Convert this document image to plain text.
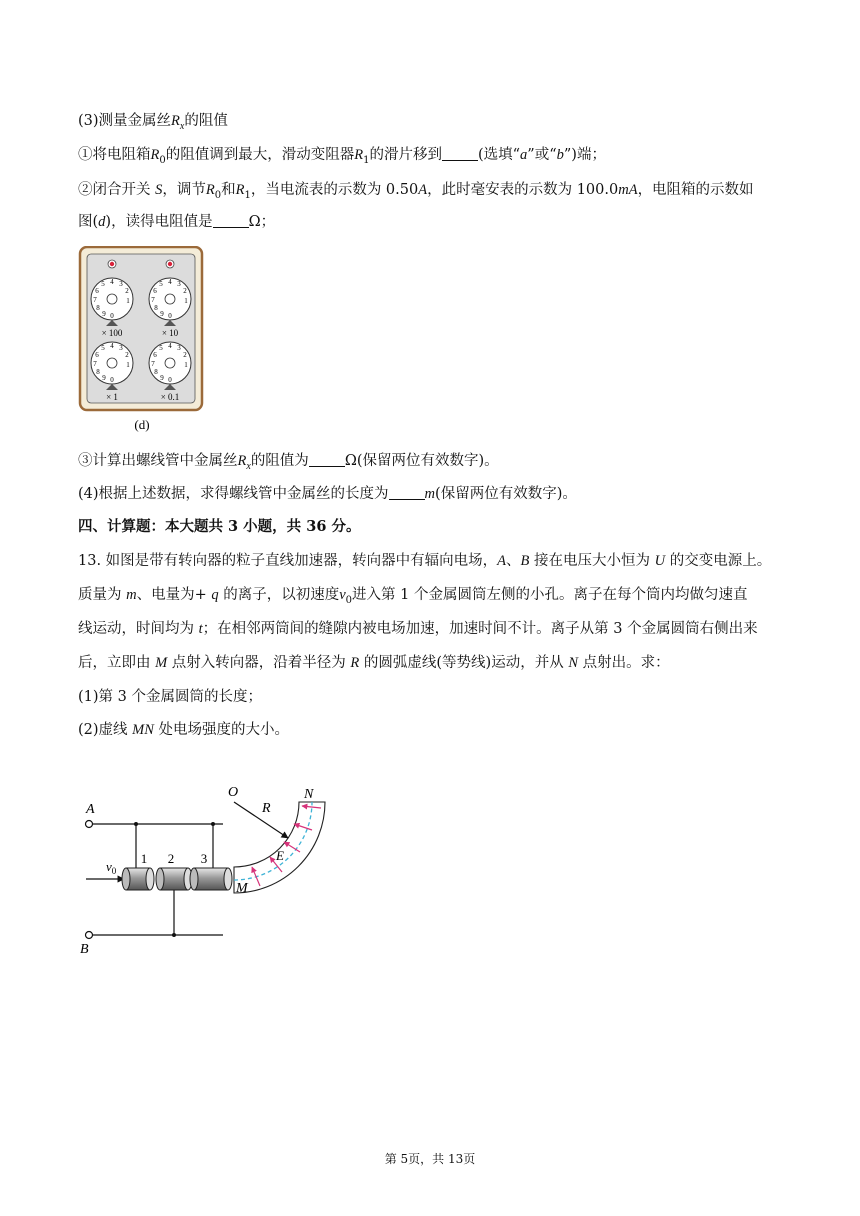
(3)测量金属丝$R_x$的阻值
①将电阻箱$R_0$的阻值调到最大，滑动变阻器$R_1$的滑片移到 (选填“a”或“b”)端；
②闭合开关 S，调节$R_0$和$R_1$，当电流表的示数为 0.50A，此时毫安表的示数为 100.0mA，电阻箱的示数如
图(d)，读得电阻值是 Ω；
0
9
8
7
6
5 4 3
2
1
× 100
0
9
8
7
6
5 4 3
2
1
× 10
0
9
8
7
6
5 4 3
2
1
× 1
0
9
8
7
6
5 4 3
2
1
× 0.1
(d)
③计算出螺线管中金属丝$R_x$的阻值为 Ω(保留两位有效数字)。
(4)根据上述数据，求得螺线管中金属丝的长度为 m(保留两位有效数字)。
四、计算题：本大题共 3 小题，共 36 分。
13. 如图是带有转向器的粒子直线加速器，转向器中有辐向电场，A、B 接在电压大小恒为 U 的交变电源上。
质量为 m、电量为+ q 的离子，以初速度$v_0$进入第 1 个金属圆筒左侧的小孔。离子在每个筒内均做匀速直
线运动，时间均为 t；在相邻两筒间的缝隙内被电场加速，加速时间不计。离子从第 3 个金属圆筒右侧出来
后，立即由 M 点射入转向器，沿着半径为 R 的圆弧虚线(等势线)运动，并从 N 点射出。求：
(1)第 3 个金属圆筒的长度；
(2)虚线 MN 处电场强度的大小。
A
B
O
$v_0$
1 2 3
R
N
M
E
第 5页，共 13页
